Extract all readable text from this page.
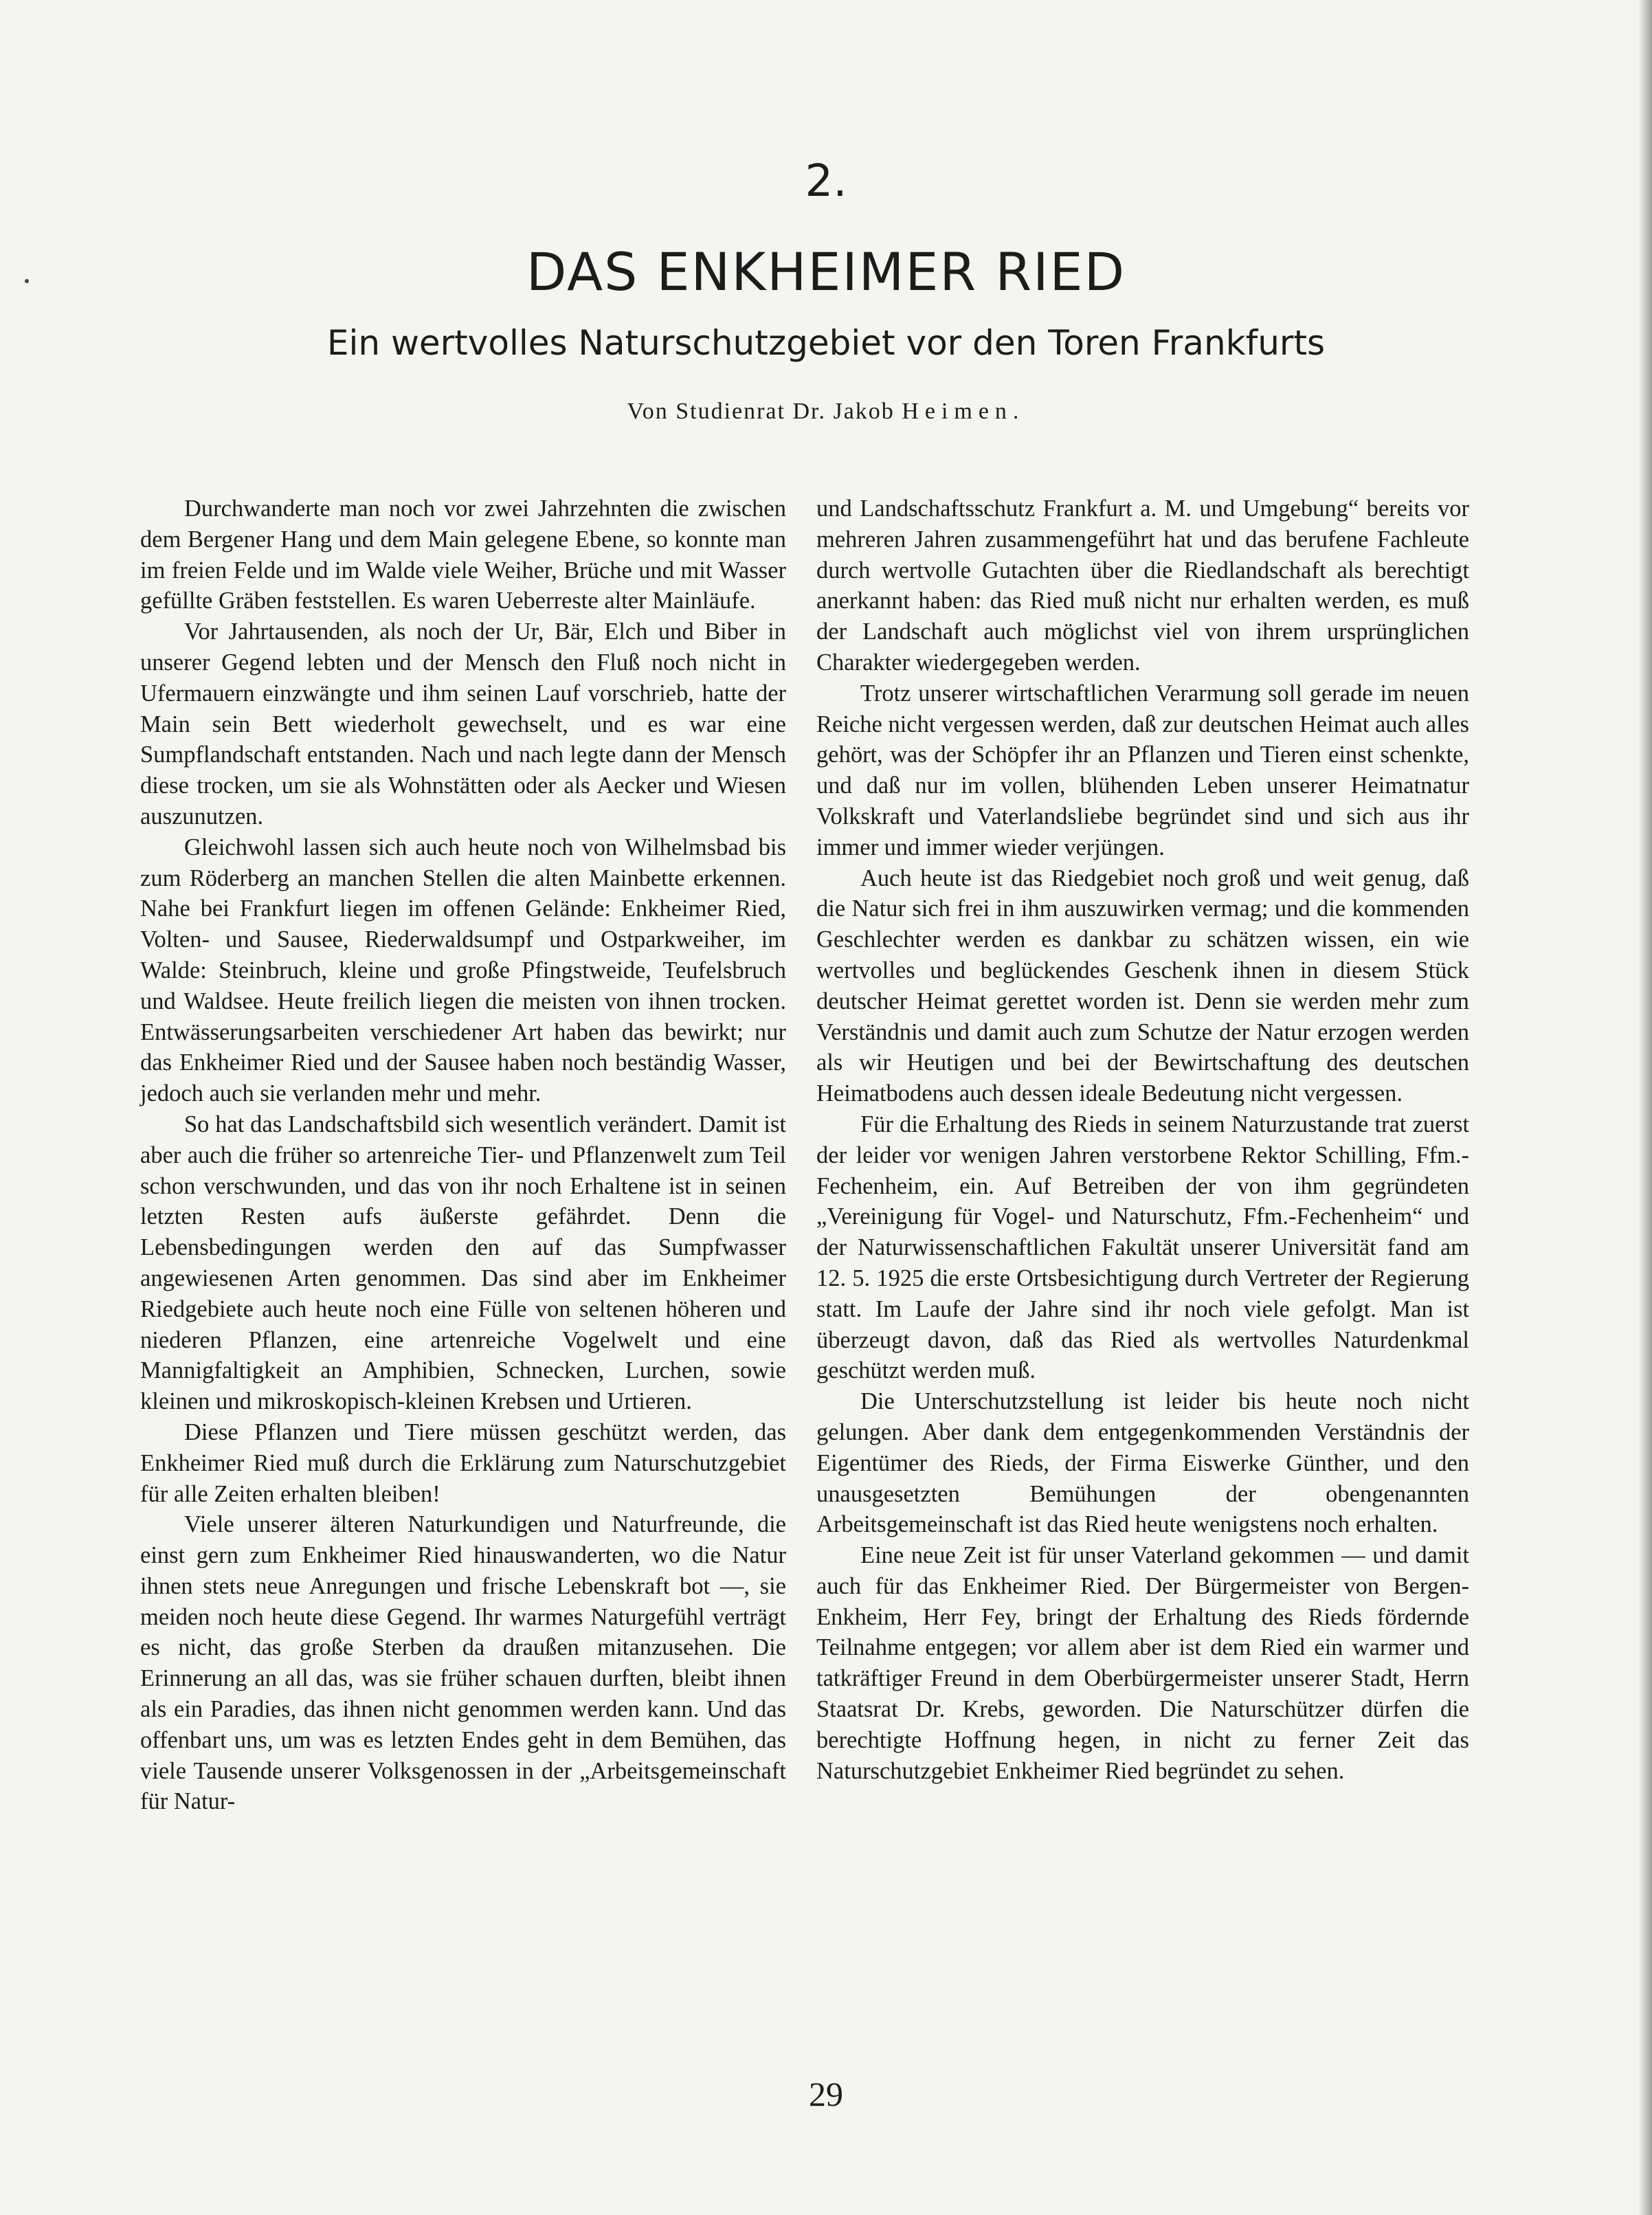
2.
DAS ENKHEIMER RIED
Ein wertvolles Naturschutzgebiet vor den Toren Frankfurts
Von Studienrat Dr. Jakob Heimen.

Durchwanderte man noch vor zwei Jahrzehnten die zwischen dem Bergener Hang und dem Main gelegene Ebene, so konnte man im freien Felde und im Walde viele Weiher, Brüche und mit Wasser gefüllte Gräben feststellen. Es waren Ueberreste alter Mainläufe.

Vor Jahrtausenden, als noch der Ur, Bär, Elch und Biber in unserer Gegend lebten und der Mensch den Fluß noch nicht in Ufermauern einzwängte und ihm seinen Lauf vorschrieb, hatte der Main sein Bett wiederholt gewechselt, und es war eine Sumpflandschaft entstanden. Nach und nach legte dann der Mensch diese trocken, um sie als Wohnstätten oder als Aecker und Wiesen auszunutzen.

Gleichwohl lassen sich auch heute noch von Wilhelmsbad bis zum Röderberg an manchen Stellen die alten Mainbette erkennen. Nahe bei Frankfurt liegen im offenen Gelände: Enkheimer Ried, Volten- und Sausee, Riederwaldsumpf und Ostparkweiher, im Walde: Steinbruch, kleine und große Pfingstweide, Teufelsbruch und Waldsee. Heute freilich liegen die meisten von ihnen trocken. Entwässerungsarbeiten verschiedener Art haben das bewirkt; nur das Enkheimer Ried und der Sausee haben noch beständig Wasser, jedoch auch sie verlanden mehr und mehr.

So hat das Landschaftsbild sich wesentlich verändert. Damit ist aber auch die früher so artenreiche Tier- und Pflanzenwelt zum Teil schon verschwunden, und das von ihr noch Erhaltene ist in seinen letzten Resten aufs äußerste gefährdet. Denn die Lebensbedingungen werden den auf das Sumpfwasser angewiesenen Arten genommen. Das sind aber im Enkheimer Riedgebiete auch heute noch eine Fülle von seltenen höheren und niederen Pflanzen, eine artenreiche Vogelwelt und eine Mannigfaltigkeit an Amphibien, Schnecken, Lurchen, sowie kleinen und mikroskopisch-kleinen Krebsen und Urtieren.

Diese Pflanzen und Tiere müssen geschützt werden, das Enkheimer Ried muß durch die Erklärung zum Naturschutzgebiet für alle Zeiten erhalten bleiben!

Viele unserer älteren Naturkundigen und Naturfreunde, die einst gern zum Enkheimer Ried hinauswanderten, wo die Natur ihnen stets neue Anregungen und frische Lebenskraft bot —, sie meiden noch heute diese Gegend. Ihr warmes Naturgefühl verträgt es nicht, das große Sterben da draußen mitanzusehen. Die Erinnerung an all das, was sie früher schauen durften, bleibt ihnen als ein Paradies, das ihnen nicht genommen werden kann. Und das offenbart uns, um was es letzten Endes geht in dem Bemühen, das viele Tausende unserer Volksgenossen in der „Arbeitsgemeinschaft für Natur-

und Landschaftsschutz Frankfurt a. M. und Umgebung“ bereits vor mehreren Jahren zusammengeführt hat und das berufene Fachleute durch wertvolle Gutachten über die Riedlandschaft als berechtigt anerkannt haben: das Ried muß nicht nur erhalten werden, es muß der Landschaft auch möglichst viel von ihrem ursprünglichen Charakter wiedergegeben werden.

Trotz unserer wirtschaftlichen Verarmung soll gerade im neuen Reiche nicht vergessen werden, daß zur deutschen Heimat auch alles gehört, was der Schöpfer ihr an Pflanzen und Tieren einst schenkte, und daß nur im vollen, blühenden Leben unserer Heimatnatur Volkskraft und Vaterlandsliebe begründet sind und sich aus ihr immer und immer wieder verjüngen.

Auch heute ist das Riedgebiet noch groß und weit genug, daß die Natur sich frei in ihm auszuwirken vermag; und die kommenden Geschlechter werden es dankbar zu schätzen wissen, ein wie wertvolles und beglückendes Geschenk ihnen in diesem Stück deutscher Heimat gerettet worden ist. Denn sie werden mehr zum Verständnis und damit auch zum Schutze der Natur erzogen werden als wir Heutigen und bei der Bewirtschaftung des deutschen Heimatbodens auch dessen ideale Bedeutung nicht vergessen.

Für die Erhaltung des Rieds in seinem Naturzustande trat zuerst der leider vor wenigen Jahren verstorbene Rektor Schilling, Ffm.-Fechenheim, ein. Auf Betreiben der von ihm gegründeten „Vereinigung für Vogel- und Naturschutz, Ffm.-Fechenheim“ und der Naturwissenschaftlichen Fakultät unserer Universität fand am 12. 5. 1925 die erste Ortsbesichtigung durch Vertreter der Regierung statt. Im Laufe der Jahre sind ihr noch viele gefolgt. Man ist überzeugt davon, daß das Ried als wertvolles Naturdenkmal geschützt werden muß.

Die Unterschutzstellung ist leider bis heute noch nicht gelungen. Aber dank dem entgegenkommenden Verständnis der Eigentümer des Rieds, der Firma Eiswerke Günther, und den unausgesetzten Bemühungen der obengenannten Arbeitsgemeinschaft ist das Ried heute wenigstens noch erhalten.

Eine neue Zeit ist für unser Vaterland gekommen — und damit auch für das Enkheimer Ried. Der Bürgermeister von Bergen-Enkheim, Herr Fey, bringt der Erhaltung des Rieds fördernde Teilnahme entgegen; vor allem aber ist dem Ried ein warmer und tatkräftiger Freund in dem Oberbürgermeister unserer Stadt, Herrn Staatsrat Dr. Krebs, geworden. Die Naturschützer dürfen die berechtigte Hoffnung hegen, in nicht zu ferner Zeit das Naturschutzgebiet Enkheimer Ried begründet zu sehen.

29
